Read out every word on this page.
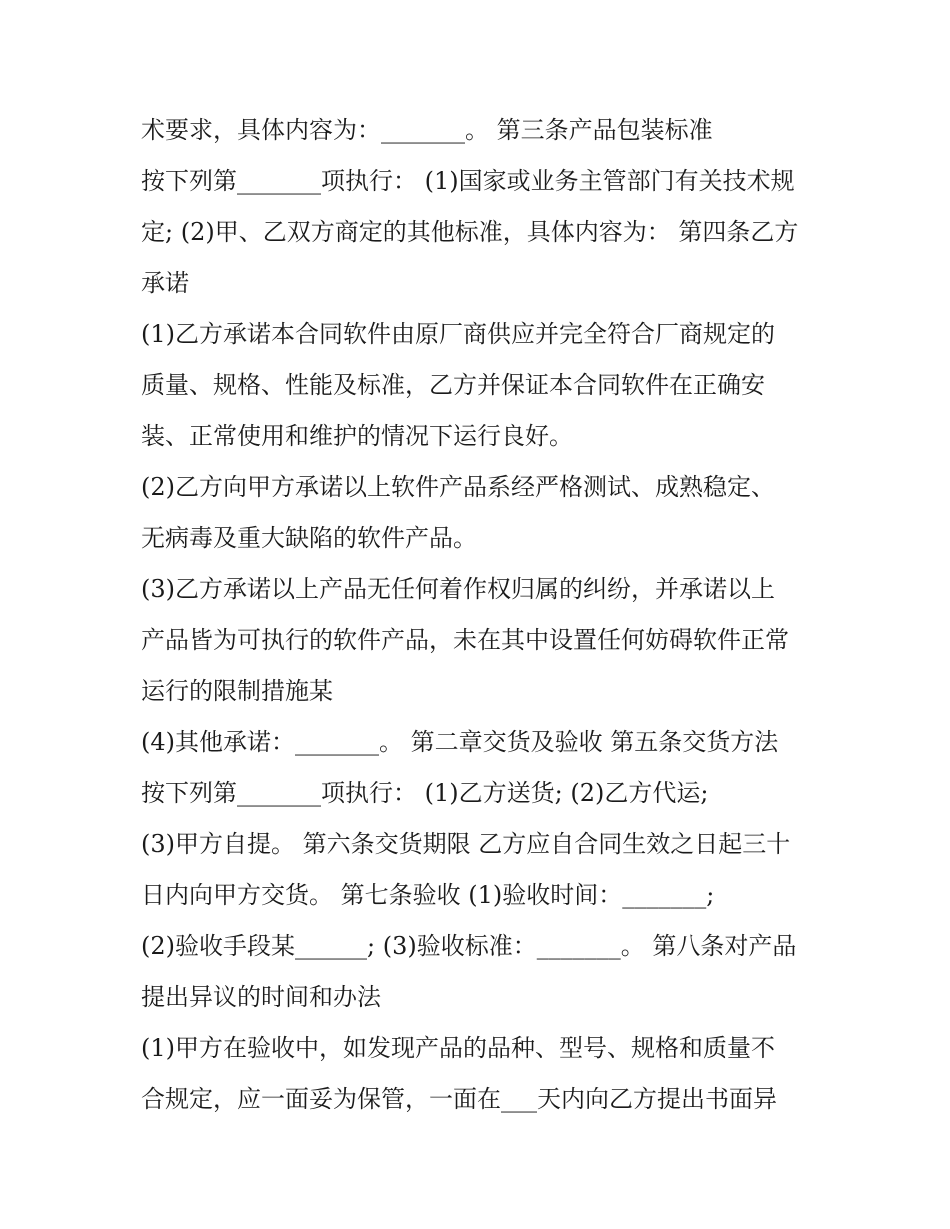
术要求，具体内容为：_______。 第三条产品包装标准
按下列第_______项执行： (1)国家或业务主管部门有关技术规
定; (2)甲、乙双方商定的其他标准，具体内容为： 第四条乙方
承诺
(1)乙方承诺本合同软件由原厂商供应并完全符合厂商规定的
质量、规格、性能及标准，乙方并保证本合同软件在正确安
装、正常使用和维护的情况下运行良好。
(2)乙方向甲方承诺以上软件产品系经严格测试、成熟稳定、
无病毒及重大缺陷的软件产品。
(3)乙方承诺以上产品无任何着作权归属的纠纷，并承诺以上
产品皆为可执行的软件产品，未在其中设置任何妨碍软件正常
运行的限制措施某
(4)其他承诺：_______。 第二章交货及验收 第五条交货方法
按下列第_______项执行： (1)乙方送货; (2)乙方代运;
(3)甲方自提。 第六条交货期限 乙方应自合同生效之日起三十
日内向甲方交货。 第七条验收 (1)验收时间：_______;
(2)验收手段某______; (3)验收标准：_______。 第八条对产品
提出异议的时间和办法
(1)甲方在验收中，如发现产品的品种、型号、规格和质量不
合规定，应一面妥为保管，一面在___天内向乙方提出书面异
